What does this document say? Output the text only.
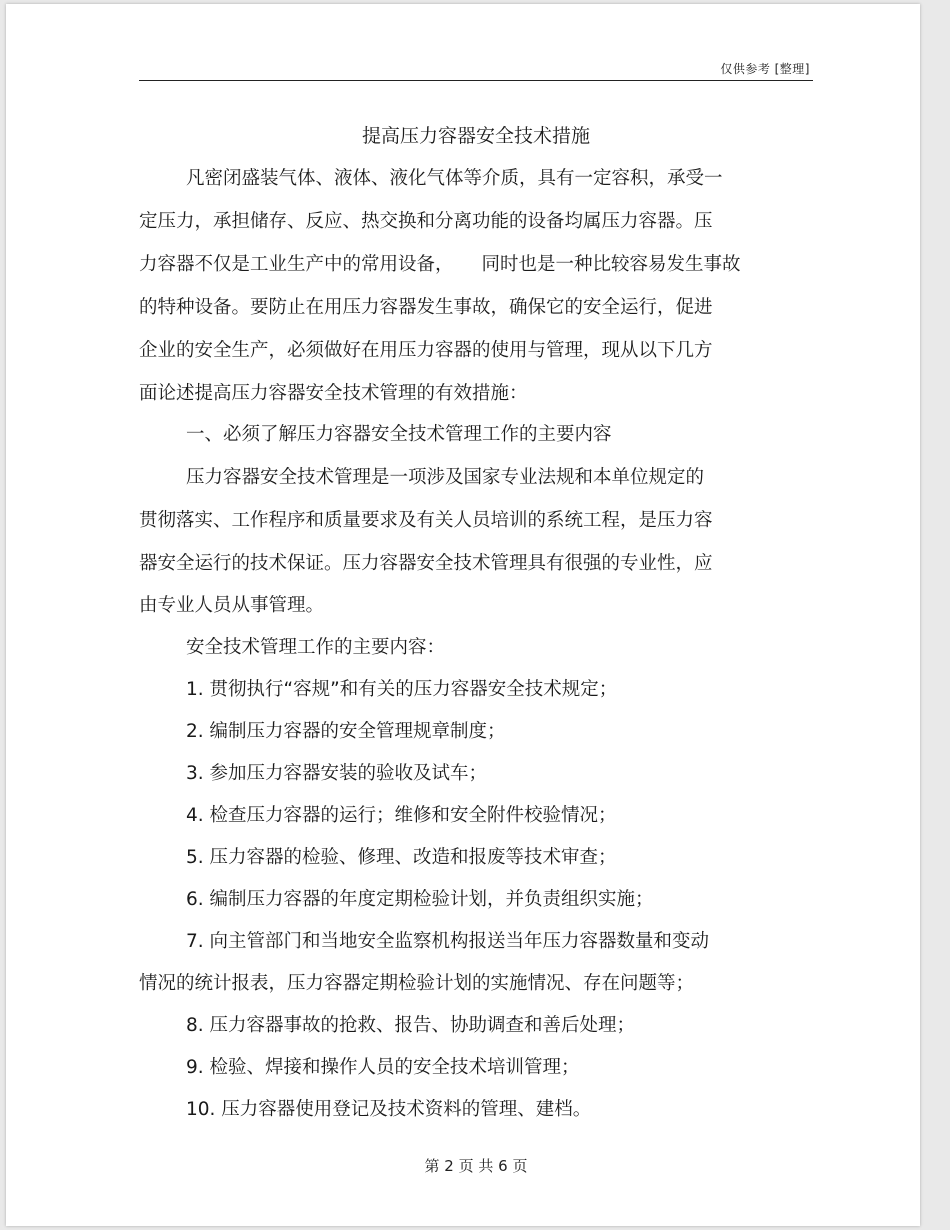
仅供参考 [整理]
提高压力容器安全技术措施
凡密闭盛装气体、液体、液化气体等介质，具有一定容积，承受一
定压力，承担储存、反应、热交换和分离功能的设备均属压力容器。压
力容器不仅是工业生产中的常用设备， 同时也是一种比较容易发生事故
的特种设备。要防止在用压力容器发生事故，确保它的安全运行，促进
企业的安全生产，必须做好在用压力容器的使用与管理，现从以下几方
面论述提高压力容器安全技术管理的有效措施：
一、必须了解压力容器安全技术管理工作的主要内容
压力容器安全技术管理是一项涉及国家专业法规和本单位规定的
贯彻落实、工作程序和质量要求及有关人员培训的系统工程，是压力容
器安全运行的技术保证。压力容器安全技术管理具有很强的专业性，应
由专业人员从事管理。
安全技术管理工作的主要内容：
1. 贯彻执行“容规”和有关的压力容器安全技术规定；
2. 编制压力容器的安全管理规章制度；
3. 参加压力容器安装的验收及试车；
4. 检查压力容器的运行；维修和安全附件校验情况；
5. 压力容器的检验、修理、改造和报废等技术审查；
6. 编制压力容器的年度定期检验计划，并负责组织实施；
7. 向主管部门和当地安全监察机构报送当年压力容器数量和变动
情况的统计报表，压力容器定期检验计划的实施情况、存在问题等；
8. 压力容器事故的抢救、报告、协助调查和善后处理；
9. 检验、焊接和操作人员的安全技术培训管理；
10. 压力容器使用登记及技术资料的管理、建档。
第 2 页 共 6 页
